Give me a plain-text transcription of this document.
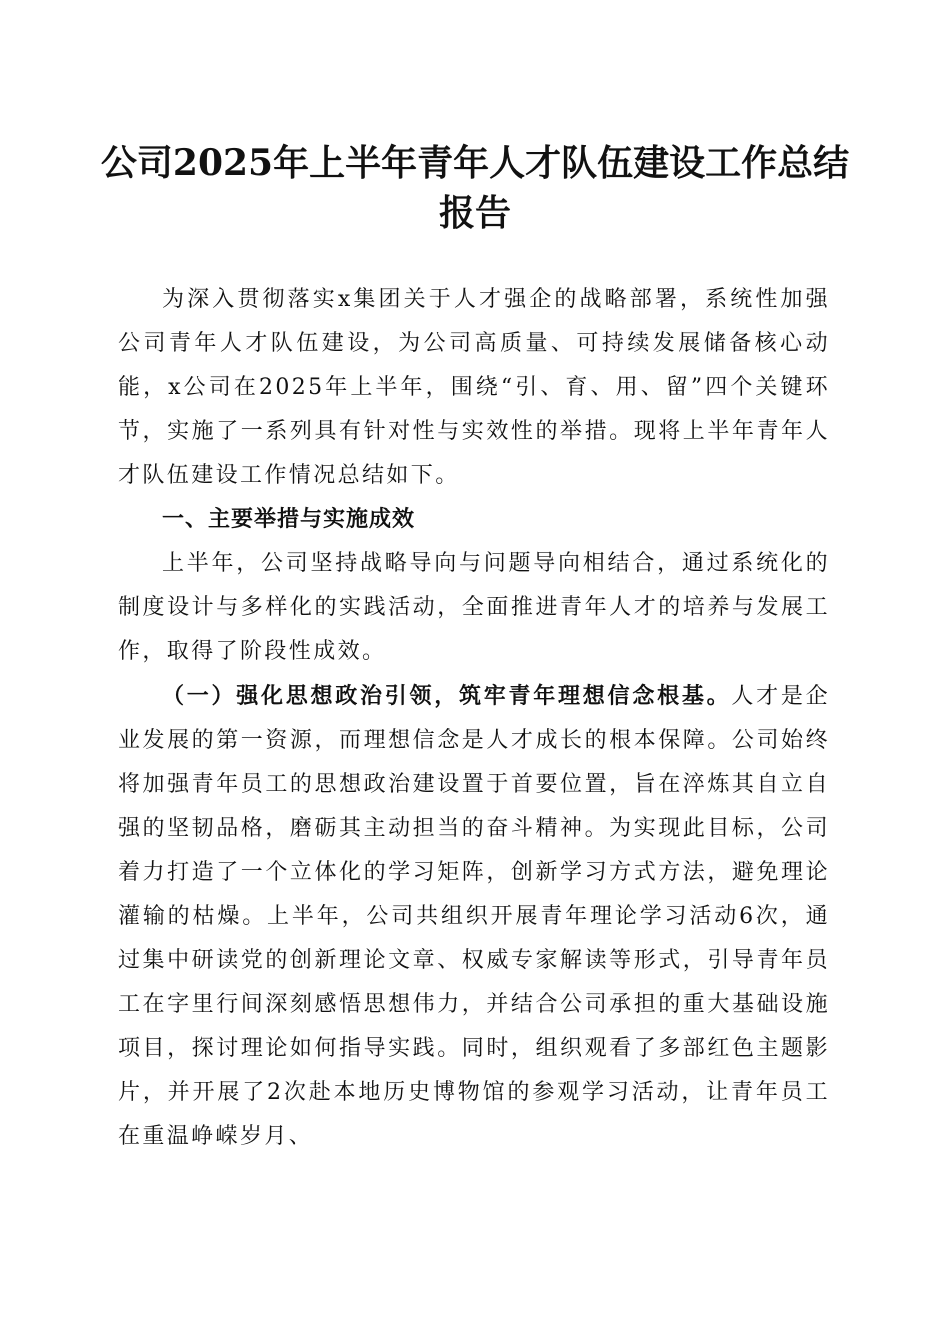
公司2025年上半年青年人才队伍建设工作总结报告

为深入贯彻落实x集团关于人才强企的战略部署，系统性加强公司青年人才队伍建设，为公司高质量、可持续发展储备核心动能，x公司在2025年上半年，围绕“引、育、用、留”四个关键环节，实施了一系列具有针对性与实效性的举措。现将上半年青年人才队伍建设工作情况总结如下。

一、主要举措与实施成效

上半年，公司坚持战略导向与问题导向相结合，通过系统化的制度设计与多样化的实践活动，全面推进青年人才的培养与发展工作，取得了阶段性成效。

（一）强化思想政治引领，筑牢青年理想信念根基。人才是企业发展的第一资源，而理想信念是人才成长的根本保障。公司始终将加强青年员工的思想政治建设置于首要位置，旨在淬炼其自立自强的坚韧品格，磨砺其主动担当的奋斗精神。为实现此目标，公司着力打造了一个立体化的学习矩阵，创新学习方式方法，避免理论灌输的枯燥。上半年，公司共组织开展青年理论学习活动6次，通过集中研读党的创新理论文章、权威专家解读等形式，引导青年员工在字里行间深刻感悟思想伟力，并结合公司承担的重大基础设施项目，探讨理论如何指导实践。同时，组织观看了多部红色主题影片，并开展了2次赴本地历史博物馆的参观学习活动，让青年员工在重温峥嵘岁月、
